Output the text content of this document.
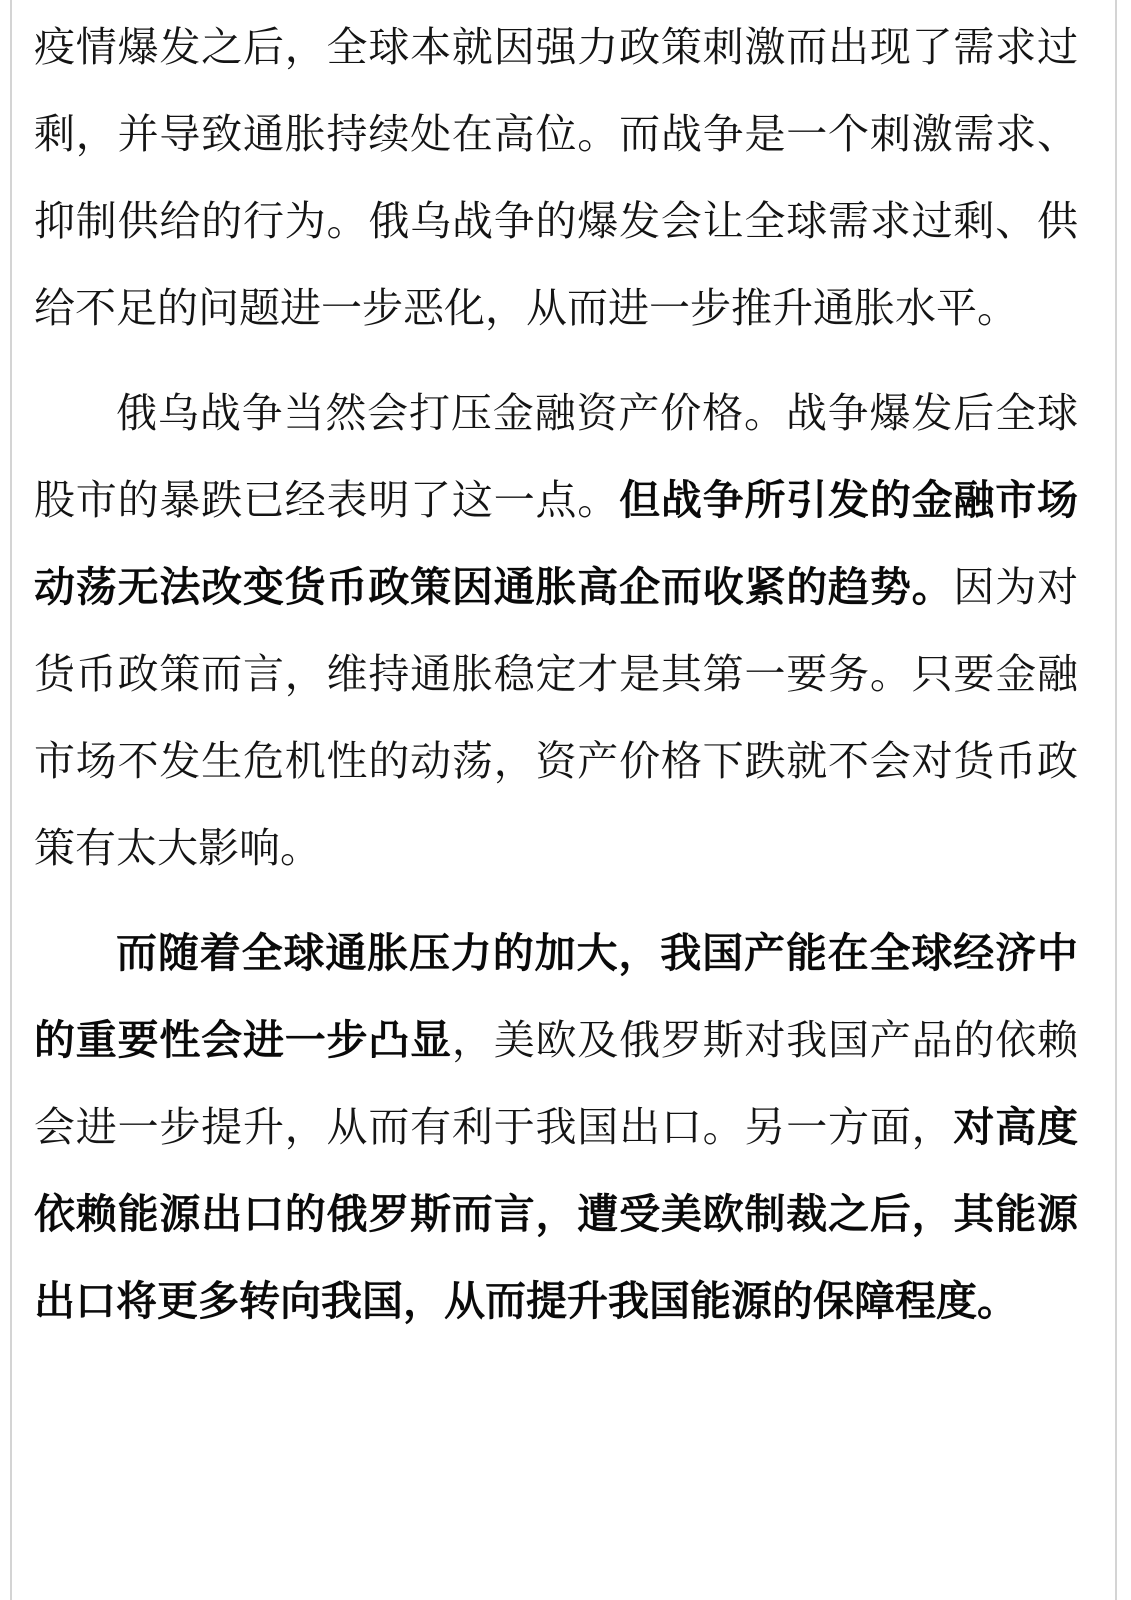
疫情爆发之后，全球本就因强力政策刺激而出现了需求过剩，并导致通胀持续处在高位。而战争是一个刺激需求、抑制供给的行为。俄乌战争的爆发会让全球需求过剩、供给不足的问题进一步恶化，从而进一步推升通胀水平。

俄乌战争当然会打压金融资产价格。战争爆发后全球股市的暴跌已经表明了这一点。但战争所引发的金融市场动荡无法改变货币政策因通胀高企而收紧的趋势。因为对货币政策而言，维持通胀稳定才是其第一要务。只要金融市场不发生危机性的动荡，资产价格下跌就不会对货币政策有太大影响。

而随着全球通胀压力的加大，我国产能在全球经济中的重要性会进一步凸显，美欧及俄罗斯对我国产品的依赖会进一步提升，从而有利于我国出口。另一方面，对高度依赖能源出口的俄罗斯而言，遭受美欧制裁之后，其能源出口将更多转向我国，从而提升我国能源的保障程度。
